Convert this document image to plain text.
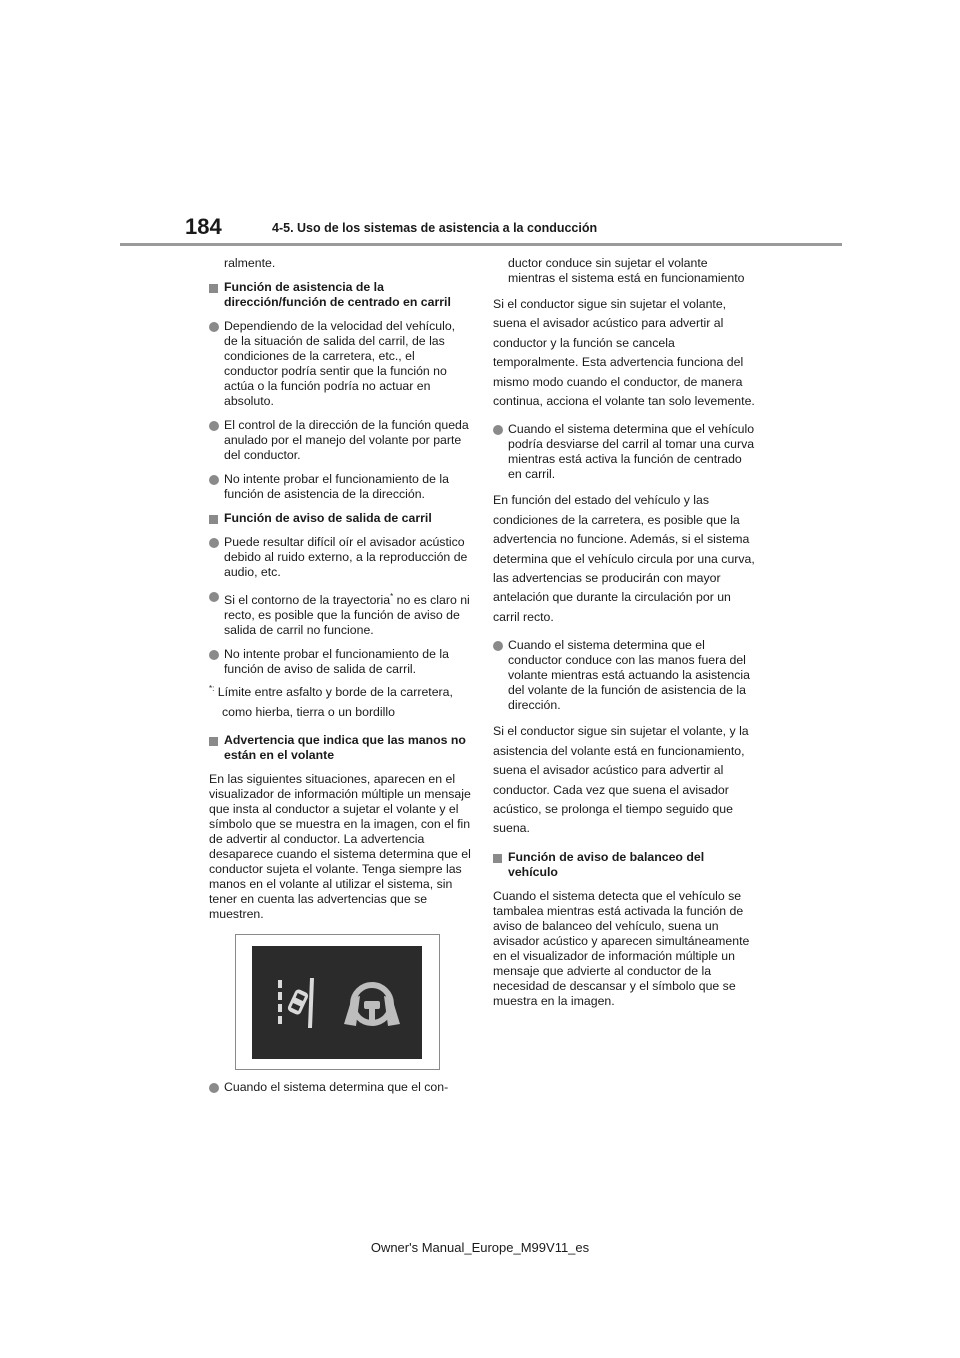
184	4-5. Uso de los sistemas de asistencia a la conducción

ralmente.

Función de asistencia de la dirección/función de centrado en carril

Dependiendo de la velocidad del vehículo, de la situación de salida del carril, de las condiciones de la carretera, etc., el conductor podría sentir que la función no actúa o la función podría no actuar en absoluto.

El control de la dirección de la función queda anulado por el manejo del volante por parte del conductor.

No intente probar el funcionamiento de la función de asistencia de la dirección.

Función de aviso de salida de carril

Puede resultar difícil oír el avisador acústico debido al ruido externo, a la reproducción de audio, etc.

Si el contorno de la trayectoria* no es claro ni recto, es posible que la función de aviso de salida de carril no funcione.

No intente probar el funcionamiento de la función de aviso de salida de carril.

*: Límite entre asfalto y borde de la carretera,
como hierba, tierra o un bordillo

Advertencia que indica que las manos no están en el volante

En las siguientes situaciones, aparecen en el visualizador de información múltiple un mensaje que insta al conductor a sujetar el volante y el símbolo que se muestra en la imagen, con el fin de advertir al conductor. La advertencia desaparece cuando el sistema determina que el conductor sujeta el volante. Tenga siempre las manos en el volante al utilizar el sistema, sin tener en cuenta las advertencias que se muestren.

Cuando el sistema determina que el con-

ductor conduce sin sujetar el volante mientras el sistema está en funcionamiento

Si el conductor sigue sin sujetar el volante, suena el avisador acústico para advertir al conductor y la función se cancela temporalmente. Esta advertencia funciona del mismo modo cuando el conductor, de manera continua, acciona el volante tan solo levemente.

Cuando el sistema determina que el vehículo podría desviarse del carril al tomar una curva mientras está activa la función de centrado en carril.

En función del estado del vehículo y las condiciones de la carretera, es posible que la advertencia no funcione. Además, si el sistema determina que el vehículo circula por una curva, las advertencias se producirán con mayor antelación que durante la circulación por un carril recto.

Cuando el sistema determina que el conductor conduce con las manos fuera del volante mientras está actuando la asistencia del volante de la función de asistencia de la dirección.

Si el conductor sigue sin sujetar el volante, y la asistencia del volante está en funcionamiento, suena el avisador acústico para advertir al conductor. Cada vez que suena el avisador acústico, se prolonga el tiempo seguido que suena.

Función de aviso de balanceo del vehículo

Cuando el sistema detecta que el vehículo se tambalea mientras está activada la función de aviso de balanceo del vehículo, suena un avisador acústico y aparecen simultáneamente en el visualizador de información múltiple un mensaje que advierte al conductor de la necesidad de descansar y el símbolo que se muestra en la imagen.

Owner's Manual_Europe_M99V11_es
